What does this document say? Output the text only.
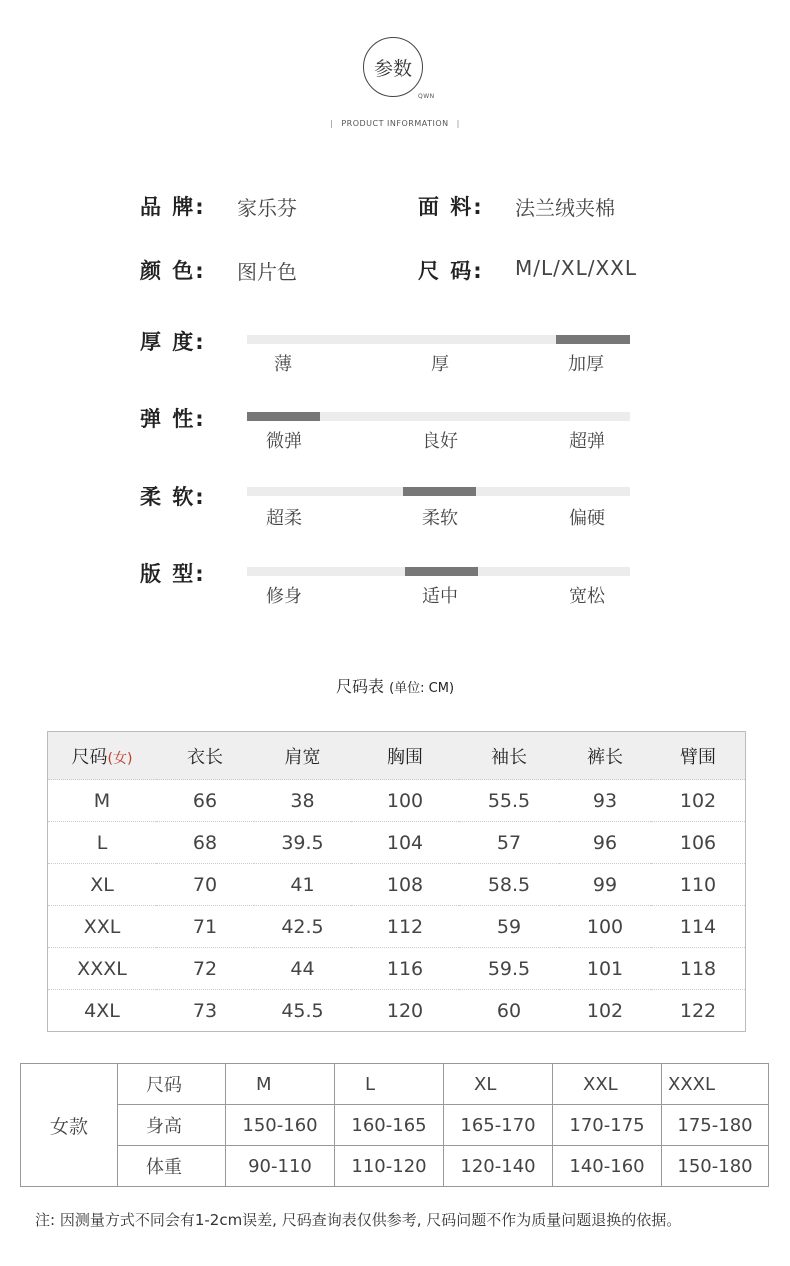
参数
QWN
| PRODUCT INFORMATION |
品 牌: 家乐芬	面 料: 法兰绒夹棉
颜 色: 图片色	尺 码: M/L/XL/XXL
厚 度:
薄	厚	加厚
弹 性:
微弹	良好	超弹
柔 软:
超柔	柔软	偏硬
版 型:
修身	适中	宽松
尺码表 (单位: CM)
尺码(女)	衣长	肩宽	胸围	袖长	裤长	臂围
M	66	38	100	55.5	93	102
L	68	39.5	104	57	96	106
XL	70	41	108	58.5	99	110
XXL	71	42.5	112	59	100	114
XXXL	72	44	116	59.5	101	118
4XL	73	45.5	120	60	102	122
女款	尺码	M	L	XL	XXL	XXXL
	身高	150-160	160-165	165-170	170-175	175-180
	体重	90-110	110-120	120-140	140-160	150-180
注: 因测量方式不同会有1-2cm误差, 尺码查询表仅供参考, 尺码问题不作为质量问题退换的依据。
